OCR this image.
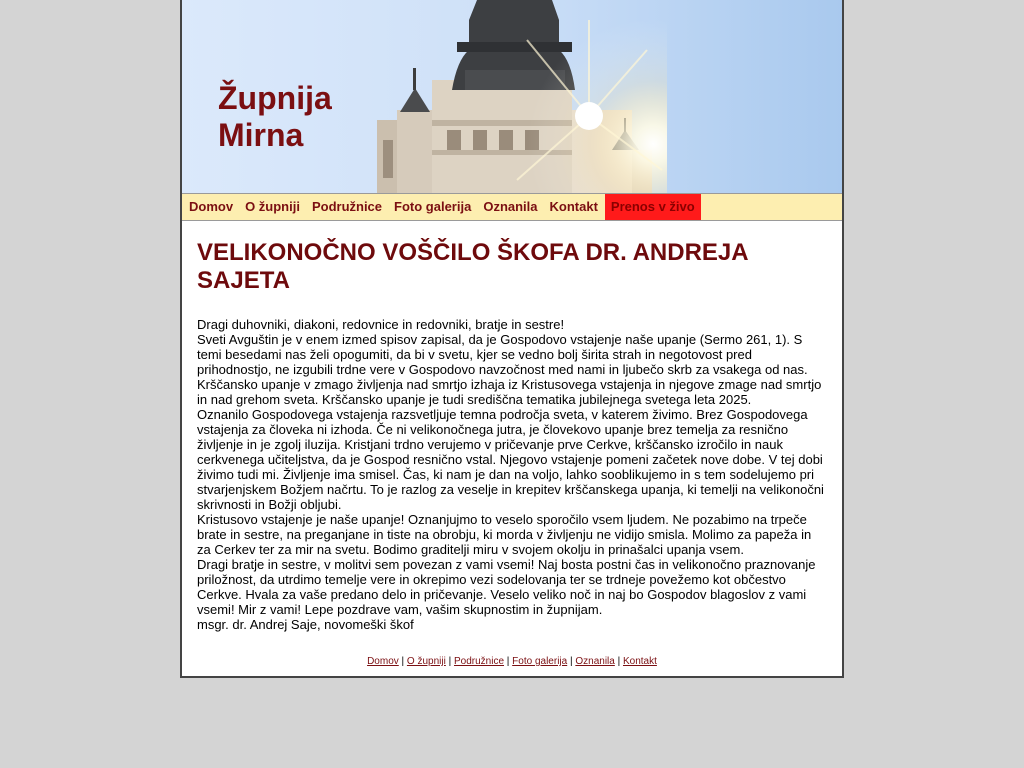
Župnija
Mirna
Domov O župniji Podružnice Foto galerija Oznanila Kontakt	Prenos v živo
VELIKONOČNO VOŠČILO ŠKOFA DR. ANDREJA SAJETA

Dragi duhovniki, diakoni, redovnice in redovniki, bratje in sestre!

Sveti Avguštin je v enem izmed spisov zapisal, da je Gospodovo vstajenje naše upanje (Sermo 261, 1). S temi besedami nas želi opogumiti, da bi v svetu, kjer se vedno bolj širita strah in negotovost pred prihodnostjo, ne izgubili trdne vere v Gospodovo navzočnost med nami in ljubečo skrb za vsakega od nas.

Krščansko upanje v zmago življenja nad smrtjo izhaja iz Kristusovega vstajenja in njegove zmage nad smrtjo in nad grehom sveta. Krščansko upanje je tudi središčna tematika jubilejnega svetega leta 2025.

Oznanilo Gospodovega vstajenja razsvetljuje temna področja sveta, v katerem živimo. Brez Gospodovega vstajenja za človeka ni izhoda. Če ni velikonočnega jutra, je človekovo upanje brez temelja za resnično življenje in je zgolj iluzija. Kristjani trdno verujemo v pričevanje prve Cerkve, krščansko izročilo in nauk cerkvenega učiteljstva, da je Gospod resnično vstal. Njegovo vstajenje pomeni začetek nove dobe. V tej dobi živimo tudi mi. Življenje ima smisel. Čas, ki nam je dan na voljo, lahko sooblikujemo in s tem sodelujemo pri stvarjenjskem Božjem načrtu. To je razlog za veselje in krepitev krščanskega upanja, ki temelji na velikonočni skrivnosti in Božji obljubi.

Kristusovo vstajenje je naše upanje! Oznanjujmo to veselo sporočilo vsem ljudem. Ne pozabimo na trpeče brate in sestre, na preganjane in tiste na obrobju, ki morda v življenju ne vidijo smisla. Molimo za papeža in za Cerkev ter za mir na svetu. Bodimo graditelji miru v svojem okolju in prinašalci upanja vsem.

Dragi bratje in sestre, v molitvi sem povezan z vami vsemi! Naj bosta postni čas in velikonočno praznovanje priložnost, da utrdimo temelje vere in okrepimo vezi sodelovanja ter se trdneje povežemo kot občestvo Cerkve. Hvala za vaše predano delo in pričevanje. Veselo veliko noč in naj bo Gospodov blagoslov z vami vsemi! Mir z vami! Lepe pozdrave vam, vašim skupnostim in župnijam.

msgr. dr. Andrej Saje, novomeški škof

Domov | O župniji | Podružnice | Foto galerija | Oznanila | Kontakt
